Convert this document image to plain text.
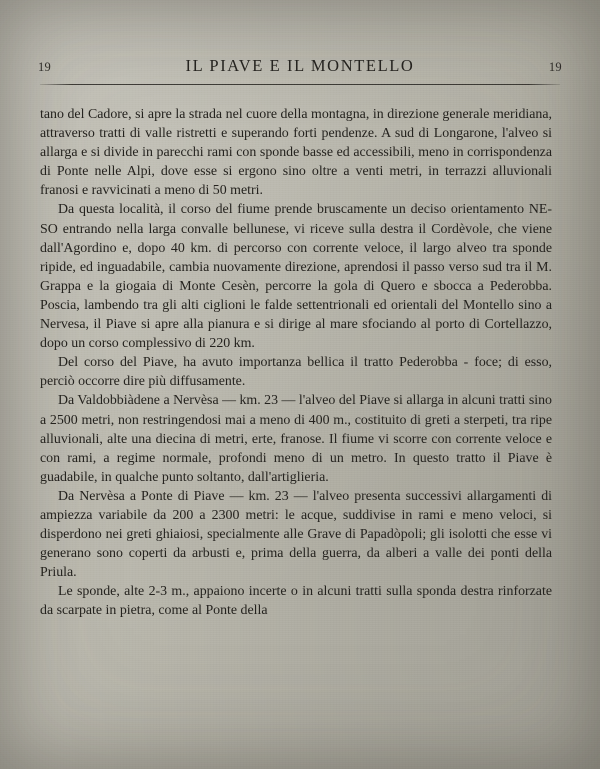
19	IL PIAVE E IL MONTELLO	19

tano del Cadore, si apre la strada nel cuore della montagna, in direzione generale meridiana, attraverso tratti di valle ristretti e superando forti pendenze. A sud di Longarone, l'alveo si allarga e si divide in parecchi rami con sponde basse ed accessibili, meno in corrispondenza di Ponte nelle Alpi, dove esse si ergono sino oltre a venti metri, in terrazzi alluvionali franosi e ravvicinati a meno di 50 metri.

Da questa località, il corso del fiume prende bruscamente un deciso orientamento NE-SO entrando nella larga convalle bellunese, vi riceve sulla destra il Cordèvole, che viene dall'Agordino e, dopo 40 km. di percorso con corrente veloce, il largo alveo tra sponde ripide, ed inguadabile, cambia nuovamente direzione, aprendosi il passo verso sud tra il M. Grappa e la giogaia di Monte Cesèn, percorre la gola di Quero e sbocca a Pederobba. Poscia, lambendo tra gli alti ciglioni le falde settentrionali ed orientali del Montello sino a Nervesa, il Piave si apre alla pianura e si dirige al mare sfociando al porto di Cortellazzo, dopo un corso complessivo di 220 km.

Del corso del Piave, ha avuto importanza bellica il tratto Pederobba - foce; di esso, perciò occorre dire più diffusamente.

Da Valdobbiàdene a Nervèsa — km. 23 — l'alveo del Piave si allarga in alcuni tratti sino a 2500 metri, non restringendosi mai a meno di 400 m., costituito di greti a sterpeti, tra ripe alluvionali, alte una diecina di metri, erte, franose. Il fiume vi scorre con corrente veloce e con rami, a regime normale, profondi meno di un metro. In questo tratto il Piave è guadabile, in qualche punto soltanto, dall'artiglieria.

Da Nervèsa a Ponte di Piave — km. 23 — l'alveo presenta successivi allargamenti di ampiezza variabile da 200 a 2300 metri: le acque, suddivise in rami e meno veloci, si disperdono nei greti ghiaiosi, specialmente alle Grave di Papadòpoli; gli isolotti che esse vi generano sono coperti da arbusti e, prima della guerra, da alberi a valle dei ponti della Priula.

Le sponde, alte 2-3 m., appaiono incerte o in alcuni tratti sulla sponda destra rinforzate da scarpate in pietra, come al Ponte della
